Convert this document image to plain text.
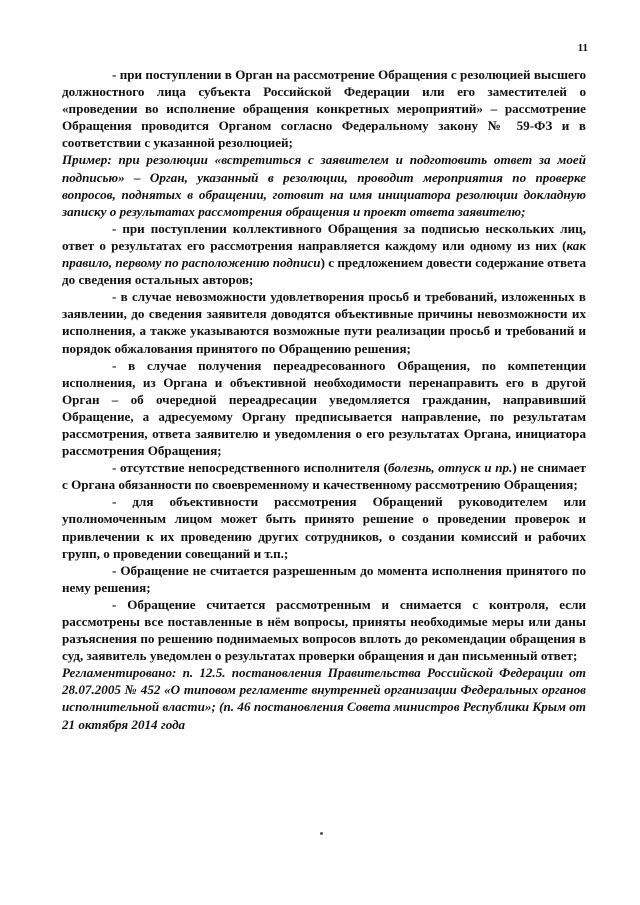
11

- при поступлении в Орган на рассмотрение Обращения с резолюцией высшего должностного лица субъекта Российской Федерации или его заместителей о «проведении во исполнение обращения конкретных мероприятий» – рассмотрение Обращения проводится Органом согласно Федеральному закону № 59-ФЗ и в соответствии с указанной резолюцией;

Пример: при резолюции «встретиться с заявителем и подготовить ответ за моей подписью» – Орган, указанный в резолюции, проводит мероприятия по проверке вопросов, поднятых в обращении, готовит на имя инициатора резолюции докладную записку о результатах рассмотрения обращения и проект ответа заявителю;

- при поступлении коллективного Обращения за подписью нескольких лиц, ответ о результатах его рассмотрения направляется каждому или одному из них (как правило, первому по расположению подписи) с предложением довести содержание ответа до сведения остальных авторов;

- в случае невозможности удовлетворения просьб и требований, изложенных в заявлении, до сведения заявителя доводятся объективные причины невозможности их исполнения, а также указываются возможные пути реализации просьб и требований и порядок обжалования принятого по Обращению решения;

- в случае получения переадресованного Обращения, по компетенции исполнения, из Органа и объективной необходимости перенаправить его в другой Орган – об очередной переадресации уведомляется гражданин, направивший Обращение, а адресуемому Органу предписывается направление, по результатам рассмотрения, ответа заявителю и уведомления о его результатах Органа, инициатора рассмотрения Обращения;

- отсутствие непосредственного исполнителя (болезнь, отпуск и пр.) не снимает с Органа обязанности по своевременному и качественному рассмотрению Обращения;

- для объективности рассмотрения Обращений руководителем или уполномоченным лицом может быть принято решение о проведении проверок и привлечении к их проведению других сотрудников, о создании комиссий и рабочих групп, о проведении совещаний и т.п.;

- Обращение не считается разрешенным до момента исполнения принятого по нему решения;

- Обращение считается рассмотренным и снимается с контроля, если рассмотрены все поставленные в нём вопросы, приняты необходимые меры или даны разъяснения по решению поднимаемых вопросов вплоть до рекомендации обращения в суд, заявитель уведомлен о результатах проверки обращения и дан письменный ответ;

Регламентировано: п. 12.5. постановления Правительства Российской Федерации от 28.07.2005 № 452 «О типовом регламенте внутренней организации Федеральных органов исполнительной власти»; (п. 46 постановления Совета министров Республики Крым от 21 октября 2014 года
